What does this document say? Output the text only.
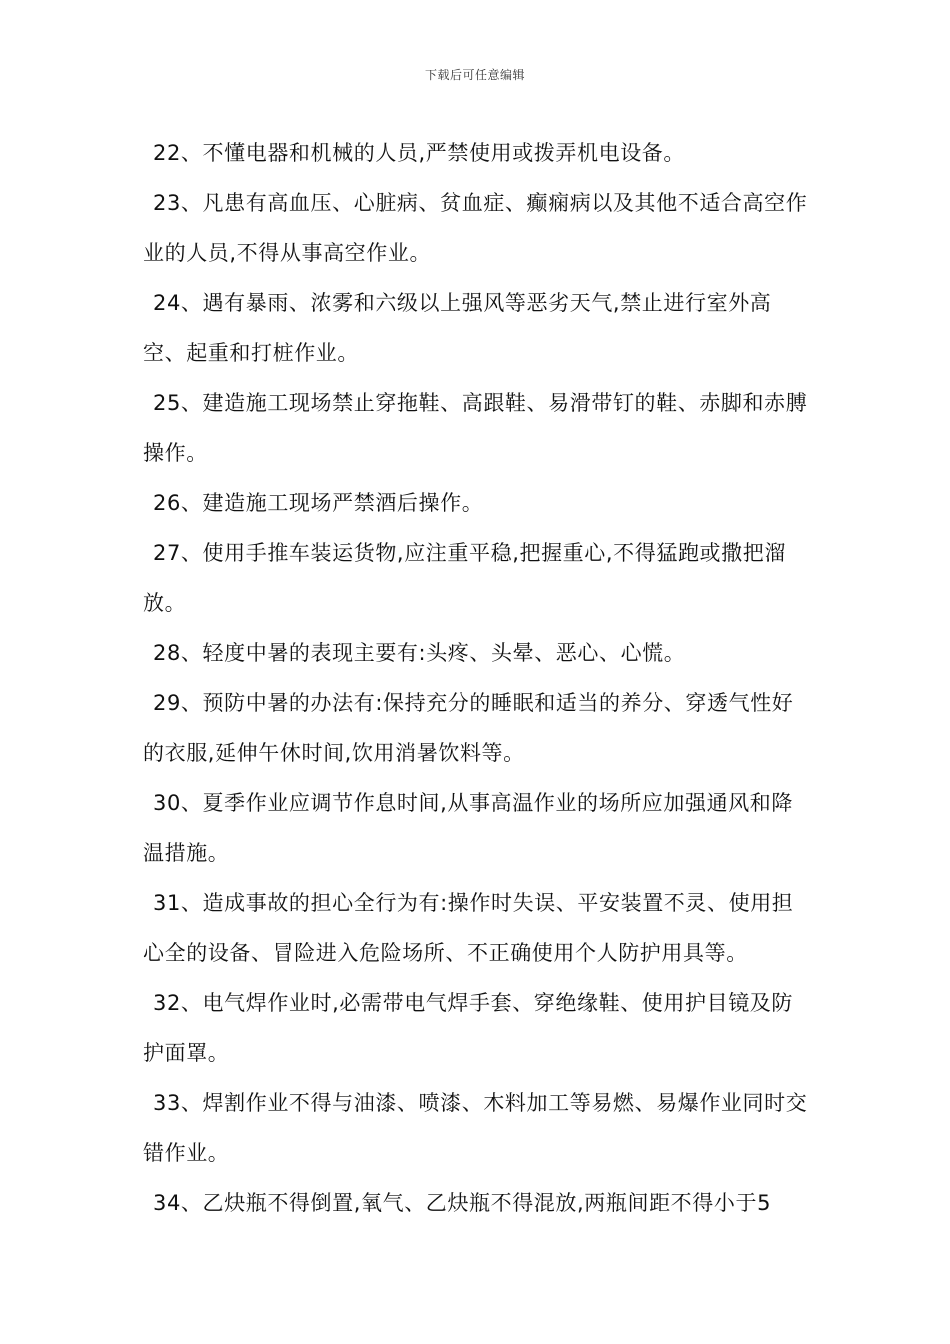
下载后可任意编辑

22、不懂电器和机械的人员,严禁使用或拨弄机电设备。

23、凡患有高血压、心脏病、贫血症、癫痫病以及其他不适合高空作业的人员,不得从事高空作业。

24、遇有暴雨、浓雾和六级以上强风等恶劣天气,禁止进行室外高空、起重和打桩作业。

25、建造施工现场禁止穿拖鞋、高跟鞋、易滑带钉的鞋、赤脚和赤膊操作。

26、建造施工现场严禁酒后操作。

27、使用手推车装运货物,应注重平稳,把握重心,不得猛跑或撒把溜放。

28、轻度中暑的表现主要有:头疼、头晕、恶心、心慌。

29、预防中暑的办法有:保持充分的睡眠和适当的养分、穿透气性好的衣服,延伸午休时间,饮用消暑饮料等。

30、夏季作业应调节作息时间,从事高温作业的场所应加强通风和降温措施。

31、造成事故的担心全行为有:操作时失误、平安装置不灵、使用担心全的设备、冒险进入危险场所、不正确使用个人防护用具等。

32、电气焊作业时,必需带电气焊手套、穿绝缘鞋、使用护目镜及防护面罩。

33、焊割作业不得与油漆、喷漆、木料加工等易燃、易爆作业同时交错作业。

34、乙炔瓶不得倒置,氧气、乙炔瓶不得混放,两瓶间距不得小于5
